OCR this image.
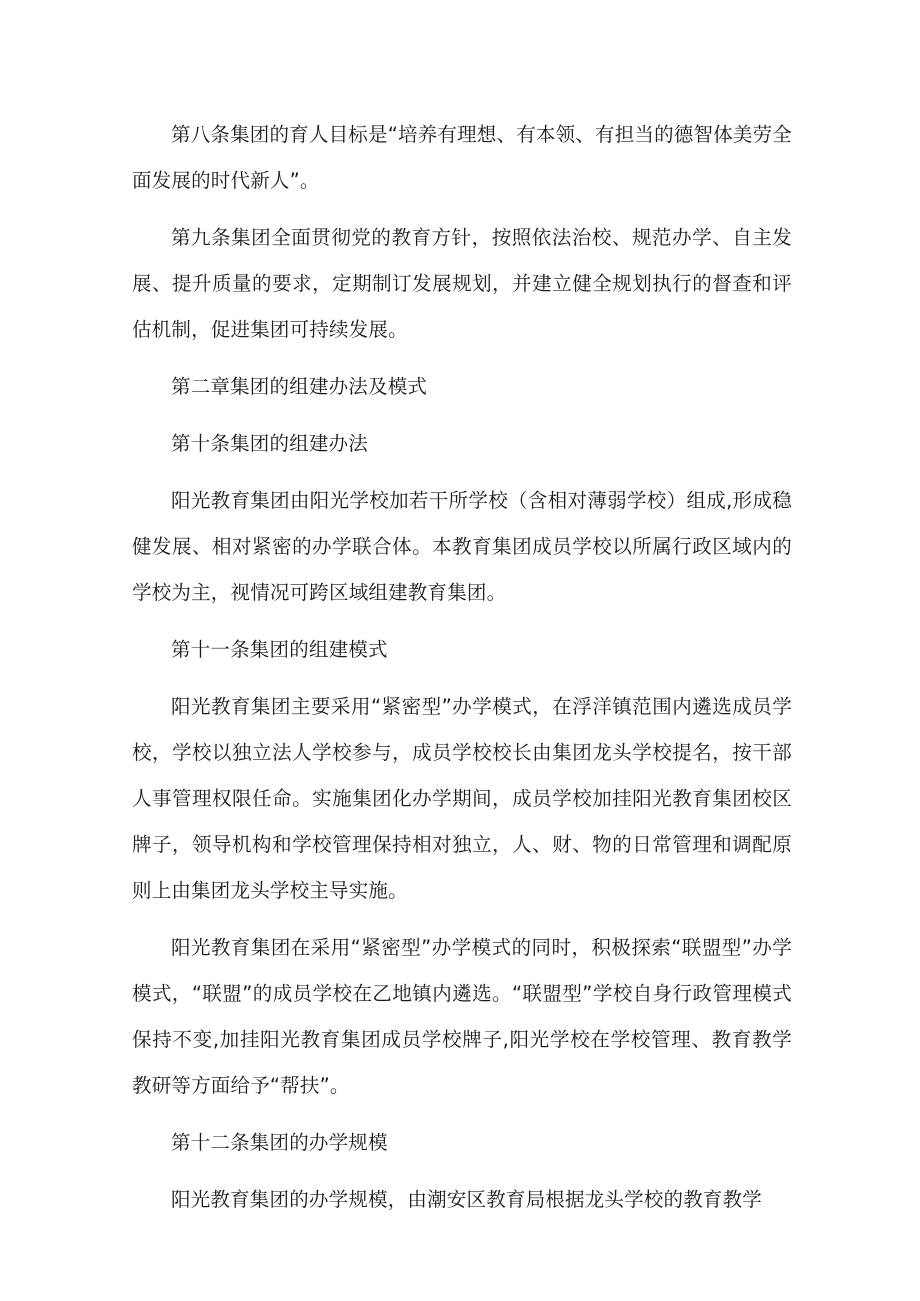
第八条集团的育人目标是“培养有理想、有本领、有担当的德智体美劳全面发展的时代新人”。

第九条集团全面贯彻党的教育方针，按照依法治校、规范办学、自主发展、提升质量的要求，定期制订发展规划，并建立健全规划执行的督查和评估机制，促进集团可持续发展。

第二章集团的组建办法及模式

第十条集团的组建办法

阳光教育集团由阳光学校加若干所学校（含相对薄弱学校）组成,形成稳健发展、相对紧密的办学联合体。本教育集团成员学校以所属行政区域内的学校为主，视情况可跨区域组建教育集团。

第十一条集团的组建模式

阳光教育集团主要采用“紧密型”办学模式，在浮洋镇范围内遴选成员学校，学校以独立法人学校参与，成员学校校长由集团龙头学校提名，按干部人事管理权限任命。实施集团化办学期间，成员学校加挂阳光教育集团校区牌子，领导机构和学校管理保持相对独立，人、财、物的日常管理和调配原则上由集团龙头学校主导实施。

阳光教育集团在采用“紧密型”办学模式的同时，积极探索“联盟型”办学模式，“联盟”的成员学校在乙地镇内遴选。“联盟型”学校自身行政管理模式保持不变,加挂阳光教育集团成员学校牌子,阳光学校在学校管理、教育教学教研等方面给予“帮扶”。

第十二条集团的办学规模

阳光教育集团的办学规模，由潮安区教育局根据龙头学校的教育教学
